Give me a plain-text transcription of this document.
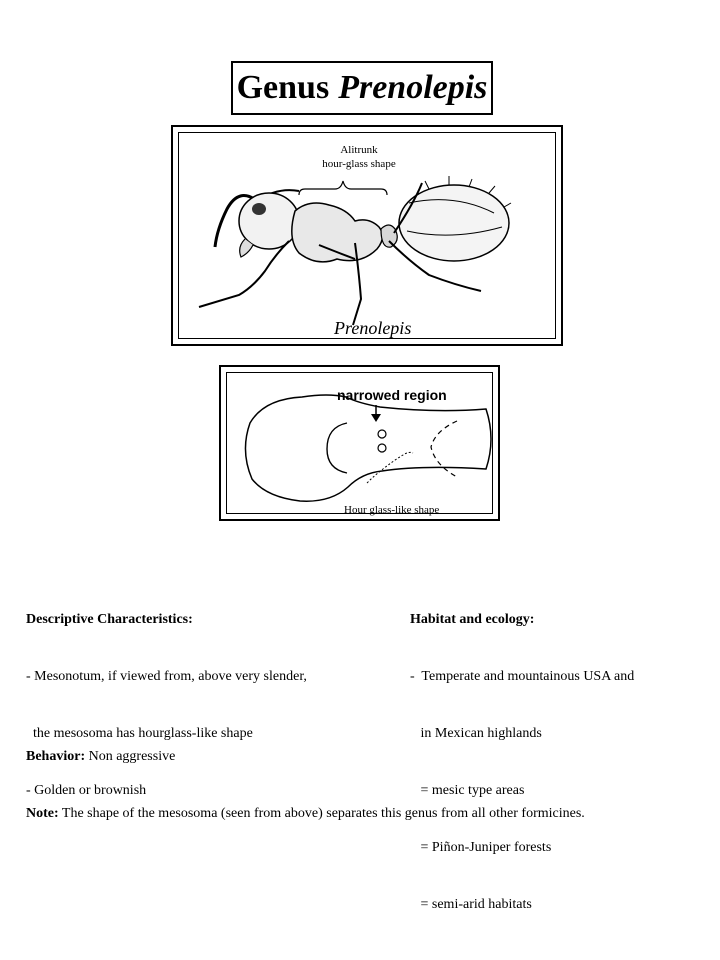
Genus Prenolepis
Alitrunk
hour-glass shape
Prenolepis
narrowed region
Hour glass-like shape

Descriptive Characteristics:

- Mesonotum, if viewed from, above very slender,

the mesosoma has hourglass-like shape

- Golden or brownish

Habitat and ecology:

-  Temperate and mountainous USA and

in Mexican highlands

= mesic type areas

= Piñon-Juniper forests

= semi-arid habitats

Behavior: Non aggressive

Note: The shape of the mesosoma (seen from above) separates this genus from all other formicines.
